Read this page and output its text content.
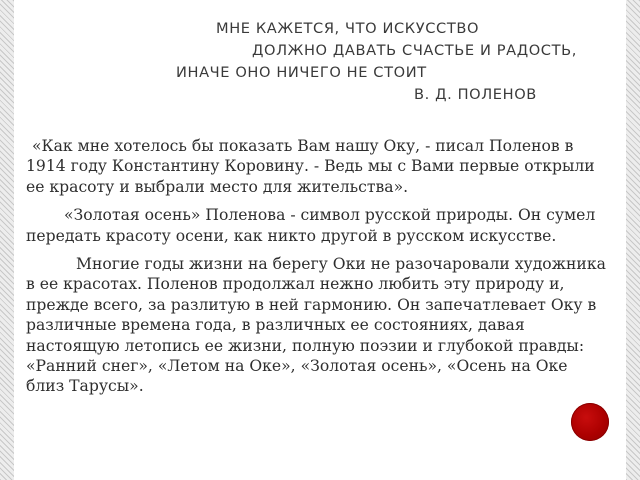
МНЕ КАЖЕТСЯ, ЧТО ИСКУССТВО
ДОЛЖНО ДАВАТЬ СЧАСТЬЕ И РАДОСТЬ,
ИНАЧЕ ОНО НИЧЕГО НЕ СТОИТ
В. Д. ПОЛЕНОВ

«Как мне хотелось бы показать Вам нашу Оку, - писал Поленов в 1914 году Константину Коровину. - Ведь мы с Вами первые открыли ее красоту и выбрали место для жительства».

«Золотая осень» Поленова - символ русской природы. Он сумел передать красоту осени, как никто другой в русском искусстве.

Многие годы жизни на берегу Оки не разочаровали художника в ее красотах. Поленов продолжал нежно любить эту природу и, прежде всего, за разлитую в ней гармонию. Он запечатлевает Оку в различные времена года, в различных ее состояниях, давая настоящую летопись ее жизни, полную поэзии и глубокой правды: «Ранний снег», «Летом на Оке», «Золотая осень», «Осень на Оке близ Тарусы».
